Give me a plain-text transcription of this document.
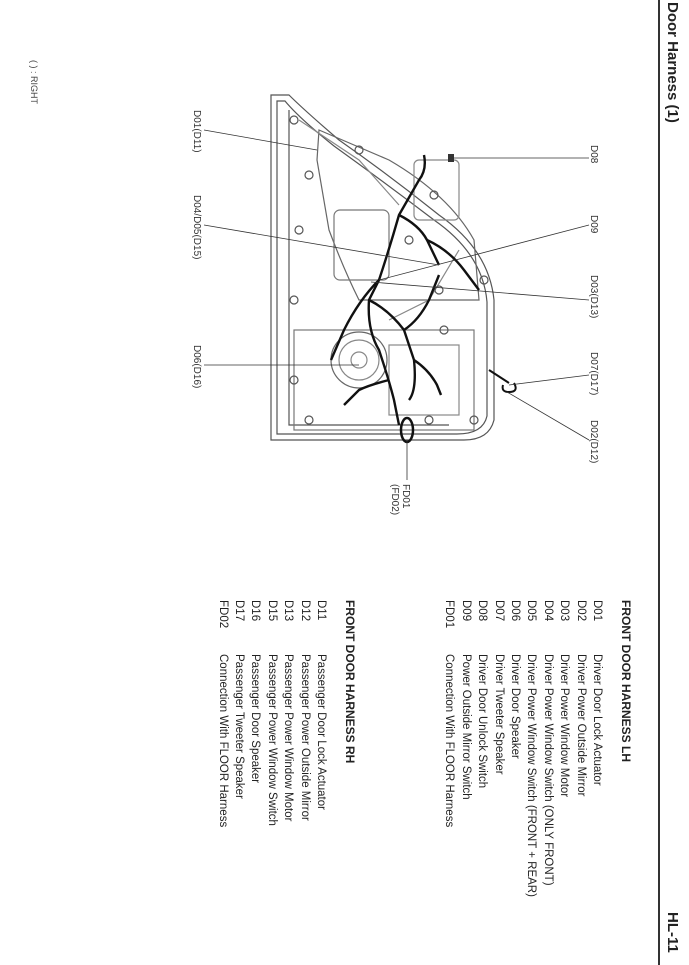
Door Harness (1)
HL-11
( ) : RIGHT
D08
D09
D03(D13)
D07(D17)
D02(D12)
D01(D11)
D04/D05(D15)
D06(D16)
FD01
(FD02)
FRONT DOOR HARNESS LH
D01
Driver Door Lock Actuator
D02
Driver Power Outside Mirror
D03
Driver Power Window Motor
D04
Driver Power Window Switch (ONLY FRONT)
D05
Driver Power Window Switch (FRONT + REAR)
D06
Driver Door Speaker
D07
Driver Tweeter Speaker
D08
Driver Door Unlock Switch
D09
Power Outside Mirror Switch
FD01
Connection With FLOOR Harness
FRONT DOOR HARNESS RH
D11
Passenger Door Lock Actuator
D12
Passenger Power Outside Mirror
D13
Passenger Power Window Motor
D15
Passenger Power Window Switch
D16
Passenger Door Speaker
D17
Passenger Tweeter Speaker
FD02
Connection With FLOOR Harness
